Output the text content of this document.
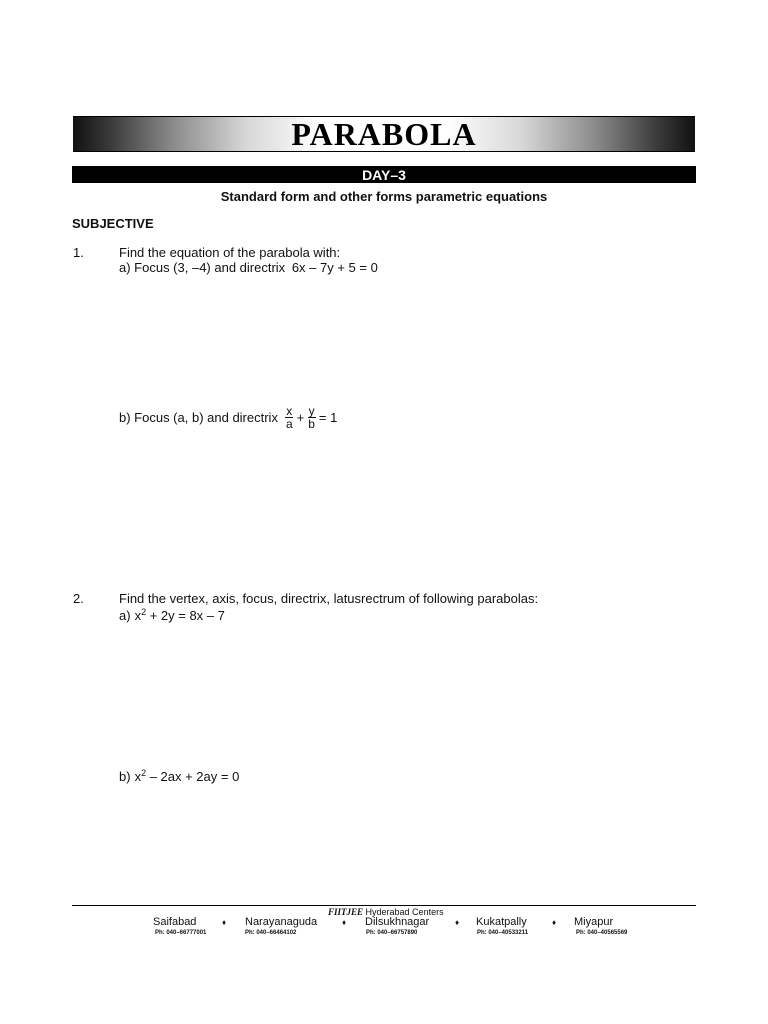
PARABOLA
DAY–3
Standard form and other forms parametric equations
SUBJECTIVE
1.	Find the equation of the parabola with:
a) Focus (3, –4) and directrix 6x – 7y + 5 = 0
b) Focus (a, b) and directrix $\frac{x}{a} + \frac{y}{b} = 1$
2.	Find the vertex, axis, focus, directrix, latusrectrum of following parabolas:
a) $x^2 + 2y = 8x - 7$
b) $x^2 - 2ax + 2ay = 0$
FIITJEE Hyderabad Centers
Saifabad
Ph: 040–66777001
♦ Narayanaguda
Ph: 040–66464102
♦ Dilsukhnagar
Ph: 040–66757890
♦ Kukatpally
Ph: 040–40533211
♦ Miyapur
Ph: 040–40565569
